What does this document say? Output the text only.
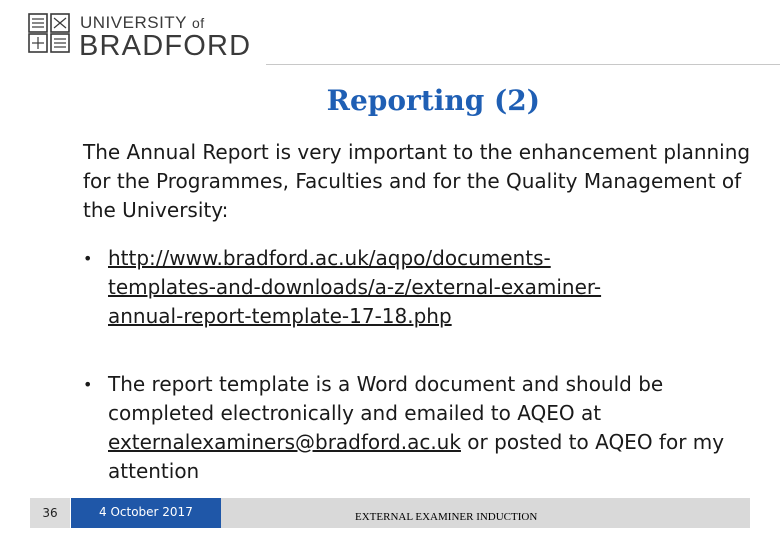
UNIVERSITY of
BRADFORD
Reporting (2)
The Annual Report is very important to the enhancement planning for the Programmes, Faculties and for the Quality Management of the University:
• http://www.bradford.ac.uk/aqpo/documents-
templates-and-downloads/a-z/external-examiner-
annual-report-template-17-18.php
• The report template is a Word document and should be completed electronically and emailed to AQEO at externalexaminers@bradford.ac.uk or posted to AQEO for my attention
36	4 October 2017	EXTERNAL EXAMINER INDUCTION
